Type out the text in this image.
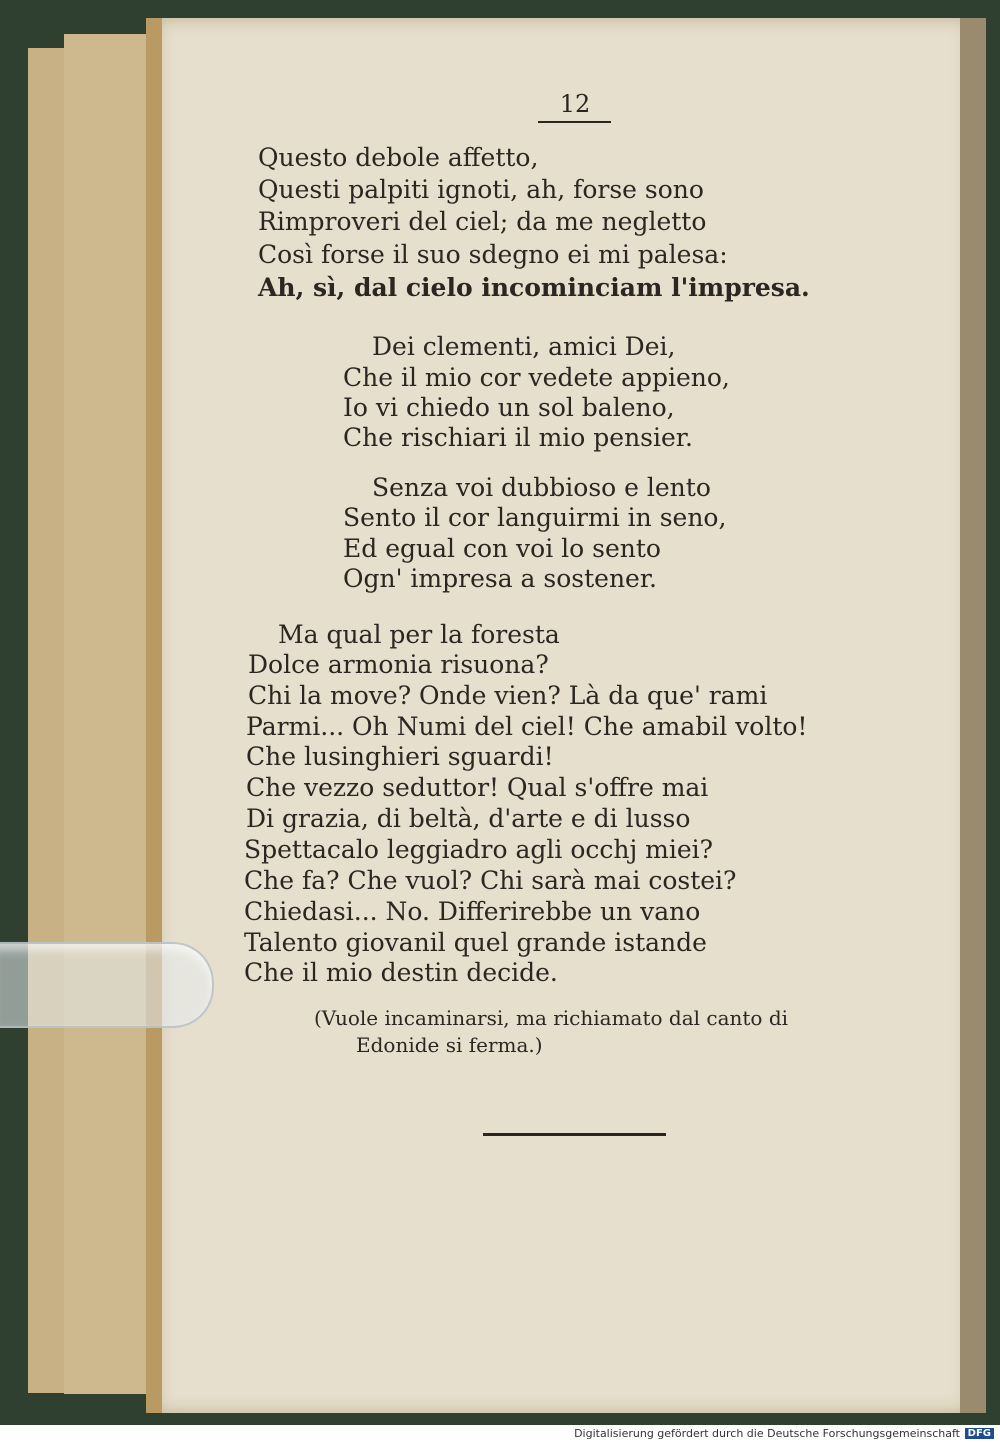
12
Questo debole affetto,
Questi palpiti ignoti, ah, forse sono
Rimproveri del ciel; da me negletto
Così forse il suo sdegno ei mi palesa:
Ah, sì, dal cielo incominciam l'impresa.
Dei clementi, amici Dei,
Che il mio cor vedete appieno,
Io vi chiedo un sol baleno,
Che rischiari il mio pensier.
Senza voi dubbioso e lento
Sento il cor languirmi in seno,
Ed egual con voi lo sento
Ogn' impresa a sostener.
Ma qual per la foresta
Dolce armonia risuona?
Chi la move? Onde vien? Là da que' rami
Parmi... Oh Numi del ciel! Che amabil volto!
Che lusinghieri sguardi!
Che vezzo seduttor! Qual s'offre mai
Di grazia, di beltà, d'arte e di lusso
Spettacalo leggiadro agli occhj miei?
Che fa? Che vuol? Chi sarà mai costei?
Chiedasi... No. Differirebbe un vano
Talento giovanil quel grande istande
Che il mio destin decide.
(Vuole incaminarsi, ma richiamato dal canto di
Edonide si ferma.)
Digitalisierung gefördert durch die Deutsche Forschungsgemeinschaft DFG
